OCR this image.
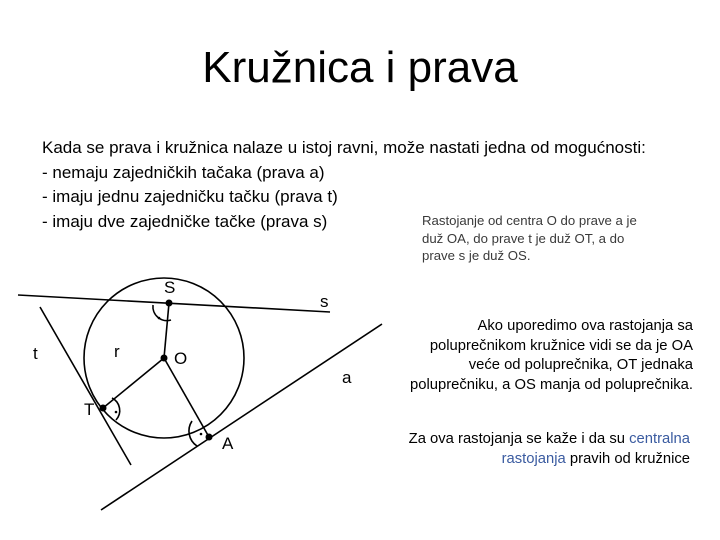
Kružnica i prava
Kada se prava i kružnica nalaze u istoj ravni, može nastati jedna od mogućnosti:
- nemaju zajedničkih tačaka (prava a)
- imaju jednu zajedničku tačku (prava t)
- imaju dve zajedničke tačke (prava s)	Rastojanje od centra O do prave a je duž OA, do prave t je duž OT, a do prave s je duž OS.
Ako uporedimo ova rastojanja sa poluprečnikom kružnice vidi se da je OA veće od poluprečnika, OT jednaka poluprečniku, a OS manja od poluprečnika.
Za ova rastojanja se kaže i da su centralna rastojanja pravih od kružnice
S
s
t	r	O
a
T
A
